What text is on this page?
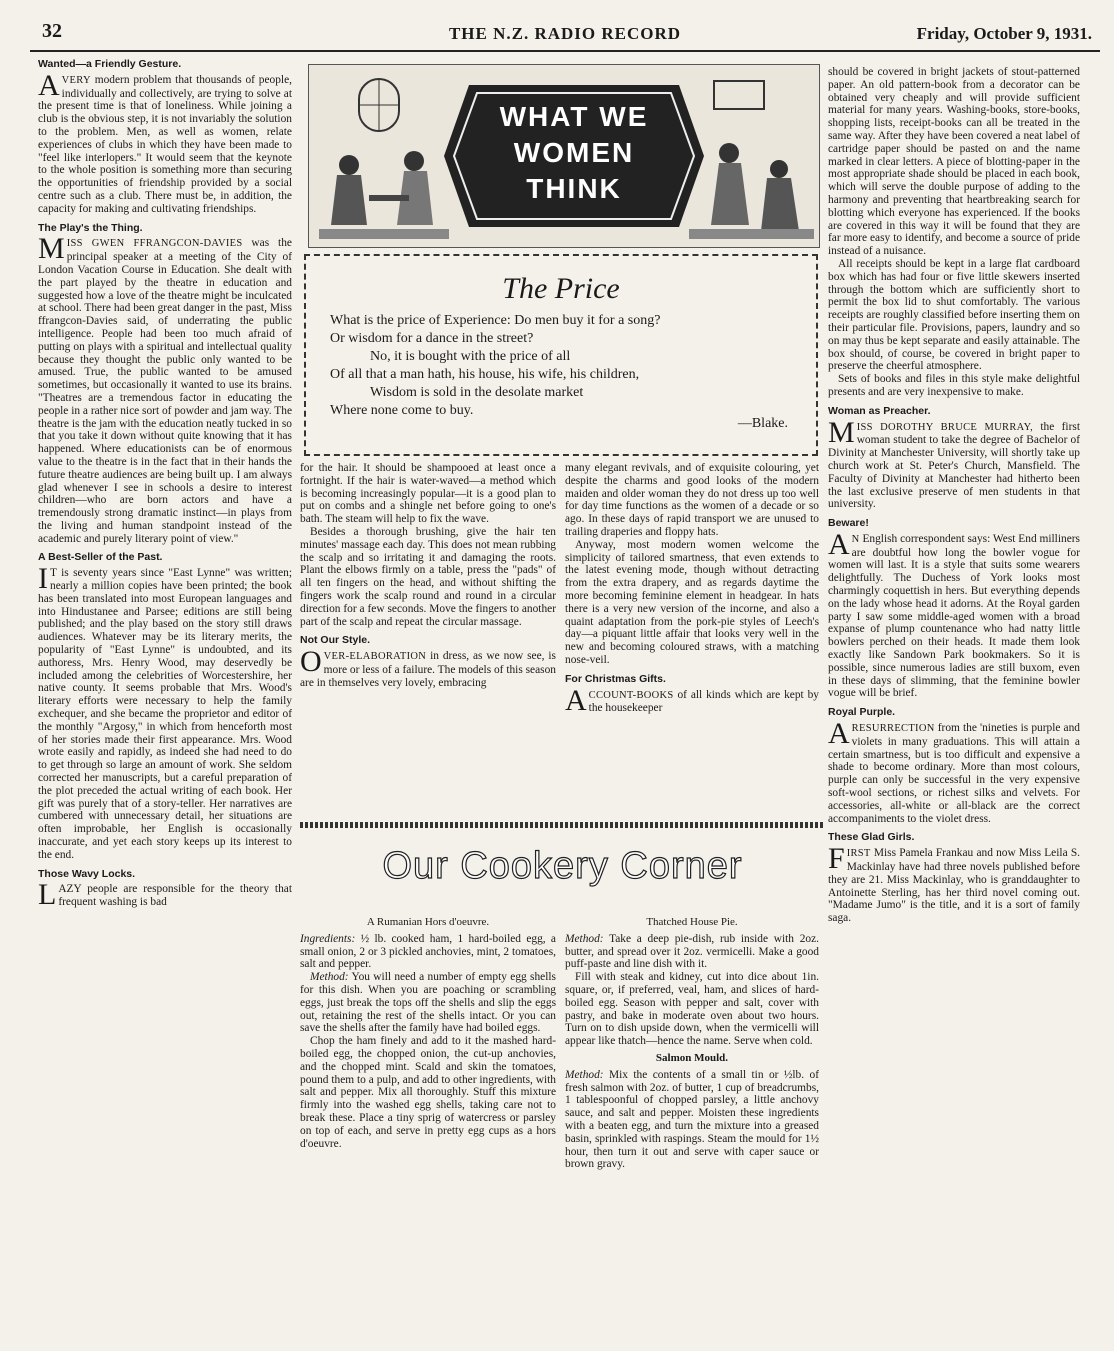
32	THE N.Z. RADIO RECORD	Friday, October 9, 1931.
Wanted—a Friendly Gesture.

AVERY modern problem that thousands of people, individually and collectively, are trying to solve at the present time is that of loneliness. While joining a club is the obvious step, it is not invariably the solution to the problem. Men, as well as women, relate experiences of clubs in which they have been made to "feel like interlopers." It would seem that the keynote to the whole position is something more than securing the opportunities of friendship provided by a social centre such as a club. There must be, in addition, the capacity for making and cultivating friendships.

The Play's the Thing.

MISS GWEN FFRANGCON-DAVIES was the principal speaker at a meeting of the City of London Vacation Course in Education. She dealt with the part played by the theatre in education and suggested how a love of the theatre might be inculcated at school. There had been great danger in the past, Miss ffrangcon-Davies said, of underrating the public intelligence. People had been too much afraid of putting on plays with a spiritual and intellectual quality because they thought the public only wanted to be amused. True, the public wanted to be amused sometimes, but occasionally it wanted to use its brains. "Theatres are a tremendous factor in educating the people in a rather nice sort of powder and jam way. The theatre is the jam with the education neatly tucked in so that you take it down without quite knowing that it has happened. Where educationists can be of enormous value to the theatre is in the fact that in their hands the future theatre audiences are being built up. I am always glad whenever I see in schools a desire to interest children—who are born actors and have a tremendously strong dramatic instinct—in plays from the living and human standpoint instead of the academic and purely literary point of view."

A Best-Seller of the Past.

I T is seventy years since "East Lynne" was written; nearly a million copies have been printed; the book has been translated into most European languages and into Hindustanee and Parsee; editions are still being published; and the play based on the story still draws audiences. Whatever may be its literary merits, the popularity of "East Lynne" is undoubted, and its authoress, Mrs. Henry Wood, may deservedly be included among the celebrities of Worcestershire, her native county. It seems probable that Mrs. Wood's literary efforts were necessary to help the family exchequer, and she became the proprietor and editor of the monthly "Argosy," in which from henceforth most of her stories made their first appearance. Mrs. Wood wrote easily and rapidly, as indeed she had need to do to get through so large an amount of work. She seldom corrected her manuscripts, but a careful preparation of the plot preceded the actual writing of each book. Her gift was purely that of a story-teller. Her narratives are cumbered with unnecessary detail, her situations are often improbable, her English is occasionally inaccurate, and yet each story keeps up its interest to the end.

Those Wavy Locks.

LAZY people are responsible for the theory that frequent washing is bad

WHAT WE
WOMEN
THINK
The Price
What is the price of Experience: Do men buy it for a song?
Or wisdom for a dance in the street?
No, it is bought with the price of all
Of all that a man hath, his house, his wife, his children,
Wisdom is sold in the desolate market
Where none come to buy.
—Blake.

for the hair. It should be shampooed at least once a fortnight. If the hair is water-waved—a method which is becoming increasingly popular—it is a good plan to put on combs and a shingle net before going to one's bath. The steam will help to fix the wave.

Besides a thorough brushing, give the hair ten minutes' massage each day. This does not mean rubbing the scalp and so irritating it and damaging the roots. Plant the elbows firmly on a table, press the "pads" of all ten fingers on the head, and without shifting the fingers work the scalp round and round in a circular direction for a few seconds. Move the fingers to another part of the scalp and repeat the circular massage.

Not Our Style.

OVER-ELABORATION in dress, as we now see, is more or less of a failure. The models of this season are in themselves very lovely, embracing

many elegant revivals, and of exquisite colouring, yet despite the charms and good looks of the modern maiden and older woman they do not dress up too well for day time functions as the women of a decade or so ago. In these days of rapid transport we are unused to trailing draperies and floppy hats.

Anyway, most modern women welcome the simplicity of tailored smartness, that even extends to the latest evening mode, though without detracting from the extra drapery, and as regards daytime the more becoming feminine element in headgear. In hats there is a very new version of the incorne, and also a quaint adaptation from the pork-pie styles of Leech's day—a piquant little affair that looks very well in the new and becoming coloured straws, with a matching nose-veil.

For Christmas Gifts.

ACCOUNT-BOOKS of all kinds which are kept by the housekeeper

should be covered in bright jackets of stout-patterned paper. An old pattern-book from a decorator can be obtained very cheaply and will provide sufficient material for many years. Washing-books, store-books, shopping lists, receipt-books can all be treated in the same way. After they have been covered a neat label of cartridge paper should be pasted on and the name marked in clear letters. A piece of blotting-paper in the most appropriate shade should be placed in each book, which will serve the double purpose of adding to the harmony and preventing that heartbreaking search for blotting which everyone has experienced. If the books are covered in this way it will be found that they are far more easy to identify, and become a source of pride instead of a nuisance.

All receipts should be kept in a large flat cardboard box which has had four or five little skewers inserted through the bottom which are sufficiently short to permit the box lid to shut comfortably. The various receipts are roughly classified before inserting them on their particular file. Provisions, papers, laundry and so on may thus be kept separate and easily attainable. The box should, of course, be covered in bright paper to preserve the cheerful atmosphere.

Sets of books and files in this style make delightful presents and are very inexpensive to make.

Woman as Preacher.

MISS DOROTHY BRUCE MURRAY, the first woman student to take the degree of Bachelor of Divinity at Manchester University, will shortly take up church work at St. Peter's Church, Mansfield. The Faculty of Divinity at Manchester had hitherto been the last exclusive preserve of men students in that university.

Beware!

A N English correspondent says: West End milliners are doubtful how long the bowler vogue for women will last. It is a style that suits some wearers delightfully. The Duchess of York looks most charmingly coquettish in hers. But everything depends on the lady whose head it adorns. At the Royal garden party I saw some middle-aged women with a broad expanse of plump countenance who had natty little bowlers perched on their heads. It made them look exactly like Sandown Park bookmakers. So it is possible, since numerous ladies are still buxom, even in these days of slimming, that the feminine bowler vogue will be brief.

Royal Purple.

ARESURRECTION from the 'nineties is purple and violets in many graduations. This will attain a certain smartness, but is too difficult and expensive a shade to become ordinary. More than most colours, purple can only be successful in the very expensive soft-wool sections, or richest silks and velvets. For accessories, all-white or all-black are the correct accompaniments to the violet dress.

These Glad Girls.

FIRST Miss Pamela Frankau and now Miss Leila S. Mackinlay have had three novels published before they are 21. Miss Mackinlay, who is granddaughter to Antoinette Sterling, has her third novel coming out. "Madame Jumo" is the title, and it is a sort of family saga.

Our Cookery Corner
A Rumanian Hors d'oeuvre.

Ingredients: ½ lb. cooked ham, 1 hard-boiled egg, a small onion, 2 or 3 pickled anchovies, mint, 2 tomatoes, salt and pepper.

Method: You will need a number of empty egg shells for this dish. When you are poaching or scrambling eggs, just break the tops off the shells and slip the eggs out, retaining the rest of the shells intact. Or you can save the shells after the family have had boiled eggs.

Chop the ham finely and add to it the mashed hard-boiled egg, the chopped onion, the cut-up anchovies, and the chopped mint. Scald and skin the tomatoes, pound them to a pulp, and add to other ingredients, with salt and pepper. Mix all thoroughly. Stuff this mixture firmly into the washed egg shells, taking care not to break these. Place a tiny sprig of watercress or parsley on top of each, and serve in pretty egg cups as a hors d'oeuvre.

Thatched House Pie.

Method: Take a deep pie-dish, rub inside with 2oz. butter, and spread over it 2oz. vermicelli. Make a good puff-paste and line dish with it.

Fill with steak and kidney, cut into dice about 1in. square, or, if preferred, veal, ham, and slices of hard-boiled egg. Season with pepper and salt, cover with pastry, and bake in moderate oven about two hours. Turn on to dish upside down, when the vermicelli will appear like thatch—hence the name. Serve when cold.

Salmon Mould.

Method: Mix the contents of a small tin or ½lb. of fresh salmon with 2oz. of butter, 1 cup of breadcrumbs, 1 tablespoonful of chopped parsley, a little anchovy sauce, and salt and pepper. Moisten these ingredients with a beaten egg, and turn the mixture into a greased basin, sprinkled with raspings. Steam the mould for 1½ hour, then turn it out and serve with caper sauce or brown gravy.
